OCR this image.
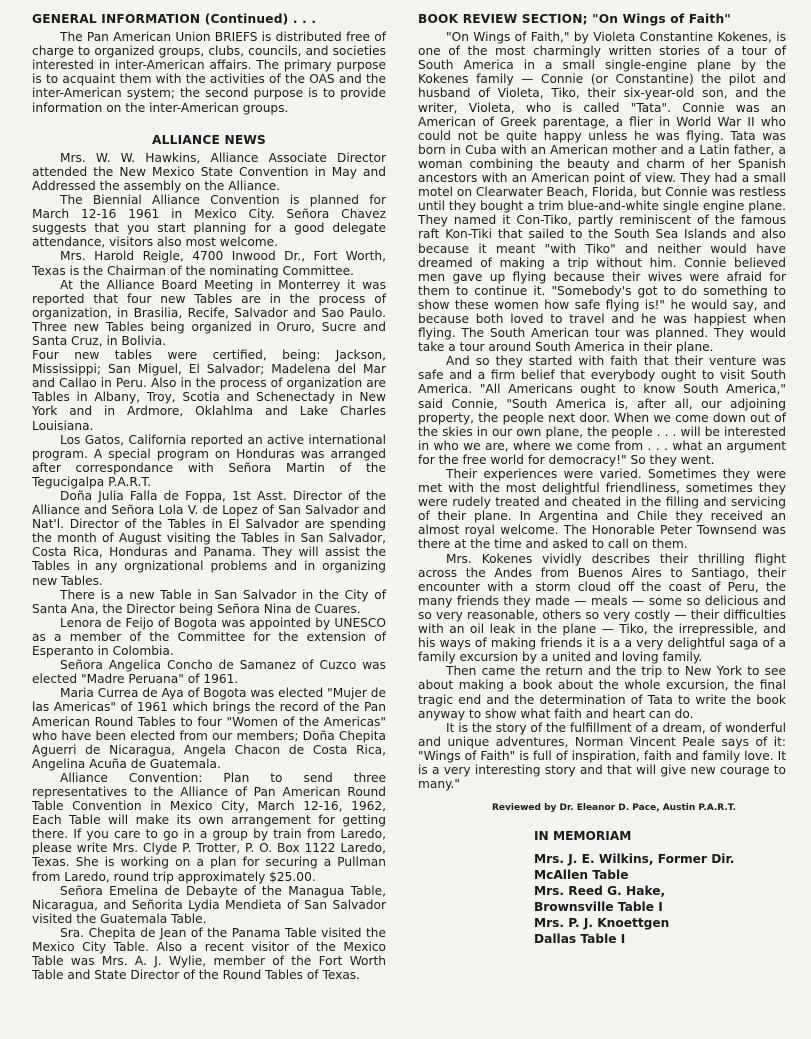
GENERAL INFORMATION (Continued) . . .

The Pan American Union BRIEFS is distributed free of charge to organized groups, clubs, councils, and societies interested in inter-American affairs. The primary purpose is to acquaint them with the activities of the OAS and the inter-American system; the second purpose is to provide information on the inter-American groups.

ALLIANCE NEWS

Mrs. W. W. Hawkins, Alliance Associate Director attended the New Mexico State Convention in May and Addressed the assembly on the Alliance.

The Biennial Alliance Convention is planned for March 12-16 1961 in Mexico City. Señora Chavez suggests that you start planning for a good delegate attendance, visitors also most welcome.

Mrs. Harold Reigle, 4700 Inwood Dr., Fort Worth, Texas is the Chairman of the nominating Committee.

At the Alliance Board Meeting in Monterrey it was reported that four new Tables are in the process of organization, in Brasilia, Recife, Salvador and Sao Paulo. Three new Tables being organized in Oruro, Sucre and Santa Cruz, in Bolivia.

Four new tables were certified, being: Jackson, Mississippi; San Miguel, El Salvador; Madelena del Mar and Callao in Peru. Also in the process of organization are Tables in Albany, Troy, Scotia and Schenectady in New York and in Ardmore, Oklahlma and Lake Charles Louisiana.

Los Gatos, California reported an active international program. A special program on Honduras was arranged after correspondance with Señora Martin of the Tegucigalpa P.A.R.T.

Doña Julia Falla de Foppa, 1st Asst. Director of the Alliance and Señora Lola V. de Lopez of San Salvador and Nat'l. Director of the Tables in El Salvador are spending the month of August visiting the Tables in San Salvador, Costa Rica, Honduras and Panama. They will assist the Tables in any orgnizational problems and in organizing new Tables.

There is a new Table in San Salvador in the City of Santa Ana, the Director being Señora Nina de Cuares.

Lenora de Feijo of Bogota was appointed by UNESCO as a member of the Committee for the extension of Esperanto in Colombia.

Señora Angelica Concho de Samanez of Cuzco was elected "Madre Peruana" of 1961.

Maria Currea de Aya of Bogota was elected "Mujer de las Americas" of 1961 which brings the record of the Pan American Round Tables to four "Women of the Americas" who have been elected from our members; Doña Chepita Aguerri de Nicaragua, Angela Chacon de Costa Rica, Angelina Acuña de Guatemala.

Alliance Convention: Plan to send three representatives to the Alliance of Pan American Round Table Convention in Mexico City, March 12-16, 1962, Each Table will make its own arrangement for getting there. If you care to go in a group by train from Laredo, please write Mrs. Clyde P. Trotter, P. O. Box 1122 Laredo, Texas. She is working on a plan for securing a Pullman from Laredo, round trip approximately $25.00.

Señora Emelina de Debayte of the Managua Table, Nicaragua, and Señorita Lydia Mendieta of San Salvador visited the Guatemala Table.

Sra. Chepita de Jean of the Panama Table visited the Mexico City Table. Also a recent visitor of the Mexico Table was Mrs. A. J. Wylie, member of the Fort Worth Table and State Director of the Round Tables of Texas.

BOOK REVIEW SECTION; "On Wings of Faith"

"On Wings of Faith," by Violeta Constantine Kokenes, is one of the most charmingly written stories of a tour of South America in a small single-engine plane by the Kokenes family — Connie (or Constantine) the pilot and husband of Violeta, Tiko, their six-year-old son, and the writer, Violeta, who is called "Tata". Connie was an American of Greek parentage, a flier in World War II who could not be quite happy unless he was flying. Tata was born in Cuba with an American mother and a Latin father, a woman combining the beauty and charm of her Spanish ancestors with an American point of view. They had a small motel on Clearwater Beach, Florida, but Connie was restless until they bought a trim blue-and-white single engine plane. They named it Con-Tiko, partly reminiscent of the famous raft Kon-Tiki that sailed to the South Sea Islands and also because it meant "with Tiko" and neither would have dreamed of making a trip without him. Connie believed men gave up flying because their wives were afraid for them to continue it. "Somebody's got to do something to show these women how safe flying is!" he would say, and because both loved to travel and he was happiest when flying. The South American tour was planned. They would take a tour around South America in their plane.

And so they started with faith that their venture was safe and a firm belief that everybody ought to visit South America. "All Americans ought to know South America," said Connie, "South America is, after all, our adjoining property, the people next door. When we come down out of the skies in our own plane, the people . . . will be interested in who we are, where we come from . . . what an argument for the free world for democracy!" So they went.

Their experiences were varied. Sometimes they were met with the most delightful friendliness, sometimes they were rudely treated and cheated in the filling and servicing of their plane. In Argentina and Chile they received an almost royal welcome. The Honorable Peter Townsend was there at the time and asked to call on them.

Mrs. Kokenes vividly describes their thrilling flight across the Andes from Buenos Aires to Santiago, their encounter with a storm cloud off the coast of Peru, the many friends they made — meals — some so delicious and so very reasonable, others so very costly — their difficulties with an oil leak in the plane — Tiko, the irrepressible, and his ways of making friends it is a a very delightful saga of a family excursion by a united and loving family.

Then came the return and the trip to New York to see about making a book about the whole excursion, the final tragic end and the determination of Tata to write the book anyway to show what faith and heart can do.

It is the story of the fulfillment of a dream, of wonderful and unique adventures, Norman Vincent Peale says of it: "Wings of Faith" is full of inspiration, faith and family love. It is a very interesting story and that will give new courage to many."

Reviewed by Dr. Eleanor D. Pace, Austin P.A.R.T.
IN MEMORIAM
Mrs. J. E. Wilkins, Former Dir.
McAllen Table
Mrs. Reed G. Hake,
Brownsville Table I
Mrs. P. J. Knoettgen
Dallas Table I
